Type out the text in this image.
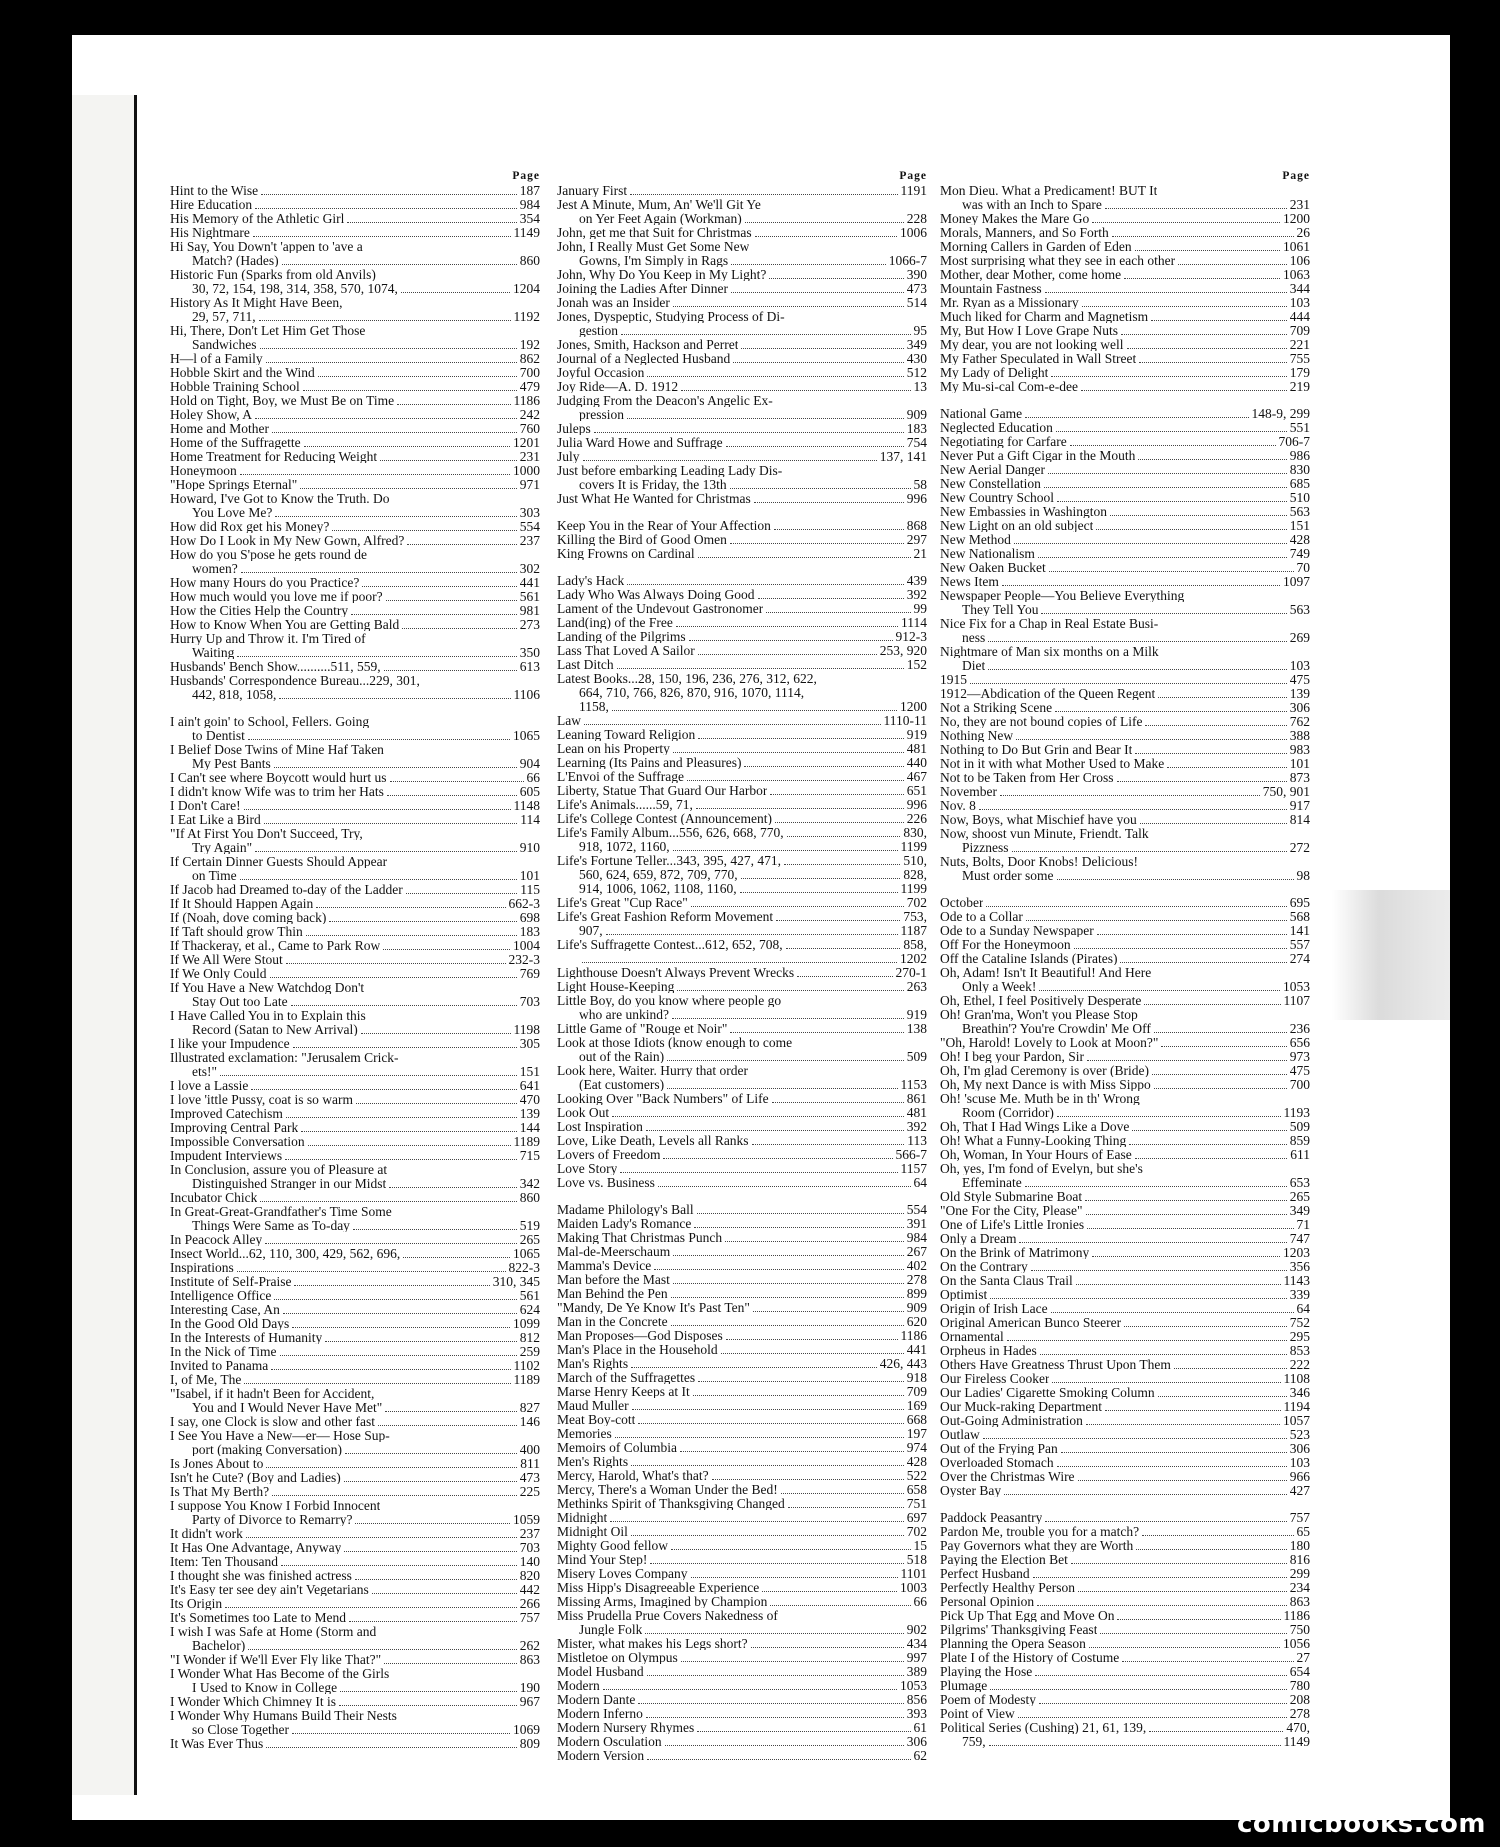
Page
Hint to the Wise	187
Hire Education	984
His Memory of the Athletic Girl	354
His Nightmare	1149
Hi Say, You Down't 'appen to 'ave a
Match? (Hades)	860
Historic Fun (Sparks from old Anvils)
30, 72, 154, 198, 314, 358, 570, 1074,	1204
History As It Might Have Been,
29, 57, 711,	1192
Hi, There, Don't Let Him Get Those
Sandwiches	192
H—l of a Family	862
Hobble Skirt and the Wind	700
Hobble Training School	479
Hold on Tight, Boy, we Must Be on Time	1186
Holey Show, A	242
Home and Mother	760
Home of the Suffragette	1201
Home Treatment for Reducing Weight	231
Honeymoon	1000
"Hope Springs Eternal"	971
Howard, I've Got to Know the Truth. Do
You Love Me?	303
How did Rox get his Money?	554
How Do I Look in My New Gown, Alfred?	237
How do you S'pose he gets round de
women?	302
How many Hours do you Practice?	441
How much would you love me if poor?	561
How the Cities Help the Country	981
How to Know When You are Getting Bald	273
Hurry Up and Throw it. I'm Tired of
Waiting	350
Husbands' Bench Show..........511, 559,	613
Husbands' Correspondence Bureau...229, 301,
442, 818, 1058,	1106
I ain't goin' to School, Fellers. Going
to Dentist	1065
I Belief Dose Twins of Mine Haf Taken
My Pest Bants	904
I Can't see where Boycott would hurt us	66
I didn't know Wife was to trim her Hats	605
I Don't Care!	1148
I Eat Like a Bird	114
"If At First You Don't Succeed, Try,
Try Again"	910
If Certain Dinner Guests Should Appear
on Time	101
If Jacob had Dreamed to-day of the Ladder	115
If It Should Happen Again	662-3
If (Noah, dove coming back)	698
If Taft should grow Thin	183
If Thackeray, et al., Came to Park Row	1004
If We All Were Stout	232-3
If We Only Could	769
If You Have a New Watchdog Don't
Stay Out too Late	703
I Have Called You in to Explain this
Record (Satan to New Arrival)	1198
I like your Impudence	305
Illustrated exclamation: "Jerusalem Crick-
ets!"	151
I love a Lassie	641
I love 'ittle Pussy, coat is so warm	470
Improved Catechism	139
Improving Central Park	144
Impossible Conversation	1189
Impudent Interviews	715
In Conclusion, assure you of Pleasure at
Distinguished Stranger in our Midst	342
Incubator Chick	860
In Great-Great-Grandfather's Time Some
Things Were Same as To-day	519
In Peacock Alley	265
Insect World...62, 110, 300, 429, 562, 696,	1065
Inspirations	822-3
Institute of Self-Praise	310, 345
Intelligence Office	561
Interesting Case, An	624
In the Good Old Days	1099
In the Interests of Humanity	812
In the Nick of Time	259
Invited to Panama	1102
I, of Me, The	1189
"Isabel, if it hadn't Been for Accident,
You and I Would Never Have Met"	827
I say, one Clock is slow and other fast	146
I See You Have a New—er— Hose Sup-
port (making Conversation)	400
Is Jones About to	811
Isn't he Cute? (Boy and Ladies)	473
Is That My Berth?	225
I suppose You Know I Forbid Innocent
Party of Divorce to Remarry?	1059
It didn't work	237
It Has One Advantage, Anyway	703
Item: Ten Thousand	140
I thought she was finished actress	820
It's Easy ter see dey ain't Vegetarians	442
Its Origin	266
It's Sometimes too Late to Mend	757
I wish I was Safe at Home (Storm and
Bachelor)	262
"I Wonder if We'll Ever Fly like That?"	863
I Wonder What Has Become of the Girls
I Used to Know in College	190
I Wonder Which Chimney It is	967
I Wonder Why Humans Build Their Nests
so Close Together	1069
It Was Ever Thus	809
Page
January First	1191
Jest A Minute, Mum, An' We'll Git Ye
on Yer Feet Again (Workman)	228
John, get me that Suit for Christmas	1006
John, I Really Must Get Some New
Gowns, I'm Simply in Rags	1066-7
John, Why Do You Keep in My Light?	390
Joining the Ladies After Dinner	473
Jonah was an Insider	514
Jones, Dyspeptic, Studying Process of Di-
gestion	95
Jones, Smith, Hackson and Perret	349
Journal of a Neglected Husband	430
Joyful Occasion	512
Joy Ride—A. D. 1912	13
Judging From the Deacon's Angelic Ex-
pression	909
Juleps	183
Julia Ward Howe and Suffrage	754
July	137, 141
Just before embarking Leading Lady Dis-
covers It is Friday, the 13th	58
Just What He Wanted for Christmas	996
Keep You in the Rear of Your Affection	868
Killing the Bird of Good Omen	297
King Frowns on Cardinal	21
Lady's Hack	439
Lady Who Was Always Doing Good	392
Lament of the Undevout Gastronomer	99
Land(ing) of the Free	1114
Landing of the Pilgrims	912-3
Lass That Loved A Sailor	253, 920
Last Ditch	152
Latest Books...28, 150, 196, 236, 276, 312, 622,
664, 710, 766, 826, 870, 916, 1070, 1114,
1158,	1200
Law	1110-11
Leaning Toward Religion	919
Lean on his Property	481
Learning (Its Pains and Pleasures)	440
L'Envoi of the Suffrage	467
Liberty, Statue That Guard Our Harbor	651
Life's Animals......59, 71,	996
Life's College Contest (Announcement)	226
Life's Family Album...556, 626, 668, 770,	830,
918, 1072, 1160,	1199
Life's Fortune Teller...343, 395, 427, 471,	510,
560, 624, 659, 872, 709, 770,	828,
914, 1006, 1062, 1108, 1160,	1199
Life's Great "Cup Race"	702
Life's Great Fashion Reform Movement	753,
907,	1187
Life's Suffragette Contest...612, 652, 708,	858,
1202
Lighthouse Doesn't Always Prevent Wrecks	270-1
Light House-Keeping	263
Little Boy, do you know where people go
who are unkind?	919
Little Game of "Rouge et Noir"	138
Look at those Idiots (know enough to come
out of the Rain)	509
Look here, Waiter. Hurry that order
(Eat customers)	1153
Looking Over "Back Numbers" of Life	861
Look Out	481
Lost Inspiration	392
Love, Like Death, Levels all Ranks	113
Lovers of Freedom	566-7
Love Story	1157
Love vs. Business	64
Madame Philology's Ball	554
Maiden Lady's Romance	391
Making That Christmas Punch	984
Mal-de-Meerschaum	267
Mamma's Device	402
Man before the Mast	278
Man Behind the Pen	899
"Mandy, De Ye Know It's Past Ten"	909
Man in the Concrete	620
Man Proposes—God Disposes	1186
Man's Place in the Household	441
Man's Rights	426, 443
March of the Suffragettes	918
Marse Henry Keeps at It	709
Maud Muller	169
Meat Boy-cott	668
Memories	197
Memoirs of Columbia	974
Men's Rights	428
Mercy, Harold, What's that?	522
Mercy, There's a Woman Under the Bed!	658
Methinks Spirit of Thanksgiving Changed	751
Midnight	697
Midnight Oil	702
Mighty Good fellow	15
Mind Your Step!	518
Misery Loves Company	1101
Miss Hipp's Disagreeable Experience	1003
Missing Arms, Imagined by Champion	66
Miss Prudella Prue Covers Nakedness of
Jungle Folk	902
Mister, what makes his Legs short?	434
Mistletoe on Olympus	997
Model Husband	389
Modern	1053
Modern Dante	856
Modern Inferno	393
Modern Nursery Rhymes	61
Modern Osculation	306
Modern Version	62
Page
Mon Dieu. What a Predicament! BUT It
was with an Inch to Spare	231
Money Makes the Mare Go	1200
Morals, Manners, and So Forth	26
Morning Callers in Garden of Eden	1061
Most surprising what they see in each other	106
Mother, dear Mother, come home	1063
Mountain Fastness	344
Mr. Ryan as a Missionary	103
Much liked for Charm and Magnetism	444
My, But How I Love Grape Nuts	709
My dear, you are not looking well	221
My Father Speculated in Wall Street	755
My Lady of Delight	179
My Mu-si-cal Com-e-dee	219
National Game	148-9, 299
Neglected Education	551
Negotiating for Carfare	706-7
Never Put a Gift Cigar in the Mouth	986
New Aerial Danger	830
New Constellation	685
New Country School	510
New Embassies in Washington	563
New Light on an old subject	151
New Method	428
New Nationalism	749
New Oaken Bucket	70
News Item	1097
Newspaper People—You Believe Everything
They Tell You	563
Nice Fix for a Chap in Real Estate Busi-
ness	269
Nightmare of Man six months on a Milk
Diet	103
1915	475
1912—Abdication of the Queen Regent	139
Not a Striking Scene	306
No, they are not bound copies of Life	762
Nothing New	388
Nothing to Do But Grin and Bear It	983
Not in it with what Mother Used to Make	101
Not to be Taken from Her Cross	873
November	750, 901
Nov. 8	917
Now, Boys, what Mischief have you	814
Now, shoost vun Minute, Friendt. Talk
Pizzness	272
Nuts, Bolts, Door Knobs! Delicious!
Must order some	98
October	695
Ode to a Collar	568
Ode to a Sunday Newspaper	141
Off For the Honeymoon	557
Off the Cataline Islands (Pirates)	274
Oh, Adam! Isn't It Beautiful! And Here
Only a Week!	1053
Oh, Ethel, I feel Positively Desperate	1107
Oh! Gran'ma, Won't you Please Stop
Breathin'? You're Crowdin' Me Off	236
"Oh, Harold! Lovely to Look at Moon?"	656
Oh! I beg your Pardon, Sir	973
Oh, I'm glad Ceremony is over (Bride)	475
Oh, My next Dance is with Miss Sippo	700
Oh! 'scuse Me. Muth be in th' Wrong
Room (Corridor)	1193
Oh, That I Had Wings Like a Dove	509
Oh! What a Funny-Looking Thing	859
Oh, Woman, In Your Hours of Ease	611
Oh, yes, I'm fond of Evelyn, but she's
Effeminate	653
Old Style Submarine Boat	265
"One For the City, Please"	349
One of Life's Little Ironies	71
Only a Dream	747
On the Brink of Matrimony	1203
On the Contrary	356
On the Santa Claus Trail	1143
Optimist	339
Origin of Irish Lace	64
Original American Bunco Steerer	752
Ornamental	295
Orpheus in Hades	853
Others Have Greatness Thrust Upon Them	222
Our Fireless Cooker	1108
Our Ladies' Cigarette Smoking Column	346
Our Muck-raking Department	1194
Out-Going Administration	1057
Outlaw	523
Out of the Frying Pan	306
Overloaded Stomach	103
Over the Christmas Wire	966
Oyster Bay	427
Paddock Peasantry	757
Pardon Me, trouble you for a match?	65
Pay Governors what they are Worth	180
Paying the Election Bet	816
Perfect Husband	299
Perfectly Healthy Person	234
Personal Opinion	863
Pick Up That Egg and Move On	1186
Pilgrims' Thanksgiving Feast	750
Planning the Opera Season	1056
Plate I of the History of Costume	27
Playing the Hose	654
Plumage	780
Poem of Modesty	208
Point of View	278
Political Series (Cushing) 21, 61, 139,	470,
759,	1149
comicbooks.com
